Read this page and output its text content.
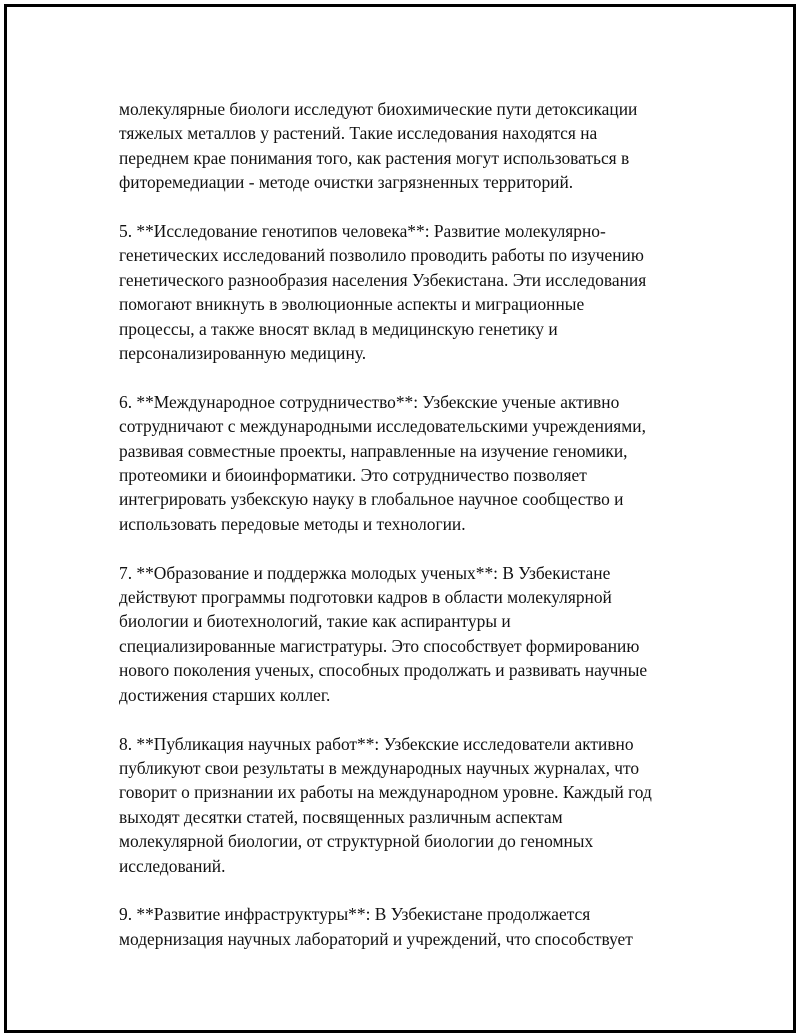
молекулярные биологи исследуют биохимические пути детоксикации
тяжелых металлов у растений. Такие исследования находятся на
переднем крае понимания того, как растения могут использоваться в
фиторемедиации - методе очистки загрязненных территорий.

5. **Исследование генотипов человека**: Развитие молекулярно-
генетических исследований позволило проводить работы по изучению
генетического разнообразия населения Узбекистана. Эти исследования
помогают вникнуть в эволюционные аспекты и миграционные
процессы, а также вносят вклад в медицинскую генетику и
персонализированную медицину.

6. **Международное сотрудничество**: Узбекские ученые активно
сотрудничают с международными исследовательскими учреждениями,
развивая совместные проекты, направленные на изучение геномики,
протеомики и биоинформатики. Это сотрудничество позволяет
интегрировать узбекскую науку в глобальное научное сообщество и
использовать передовые методы и технологии.

7. **Образование и поддержка молодых ученых**: В Узбекистане
действуют программы подготовки кадров в области молекулярной
биологии и биотехнологий, такие как аспирантуры и
специализированные магистратуры. Это способствует формированию
нового поколения ученых, способных продолжать и развивать научные
достижения старших коллег.

8. **Публикация научных работ**: Узбекские исследователи активно
публикуют свои результаты в международных научных журналах, что
говорит о признании их работы на международном уровне. Каждый год
выходят десятки статей, посвященных различным аспектам
молекулярной биологии, от структурной биологии до геномных
исследований.

9. **Развитие инфраструктуры**: В Узбекистане продолжается
модернизация научных лабораторий и учреждений, что способствует
